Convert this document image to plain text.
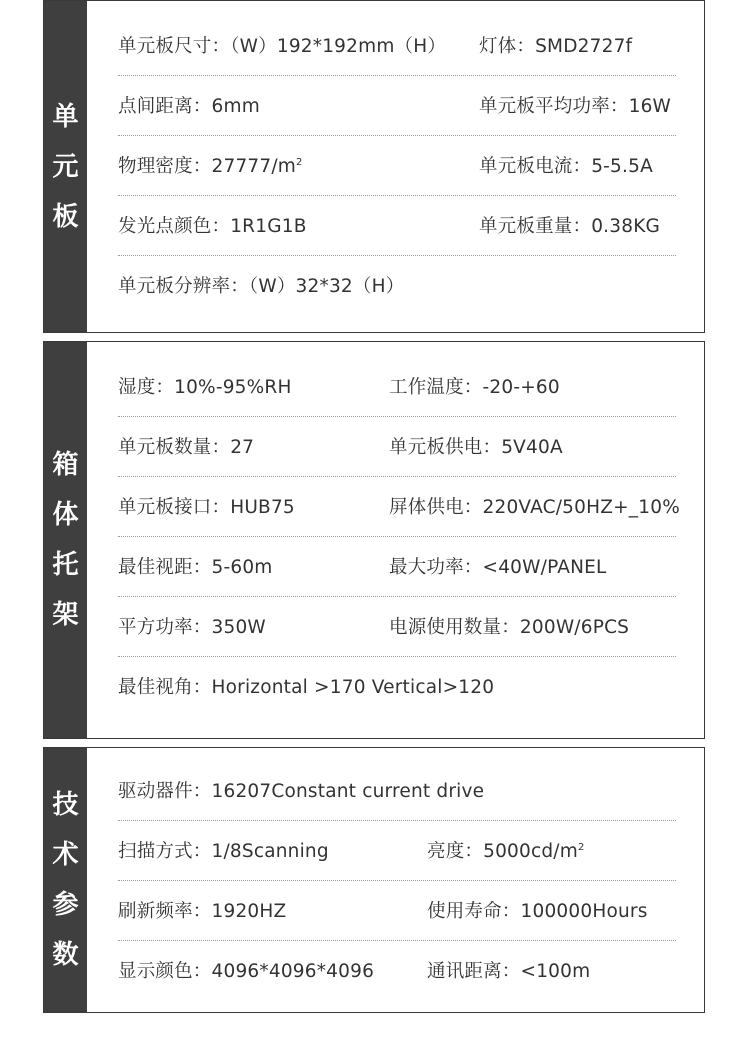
单
元
板
单元板尺寸：（W）192*192mm（H） 灯体：SMD2727f
点间距离：6mm	单元板平均功率：16W
物理密度：$27777/m^2$	单元板电流：5-5.5A
发光点颜色：1R1G1B	单元板重量：0.38KG
单元板分辨率：（W）32*32（H）
箱
体
托
架
湿度：10%-95%RH	工作温度：-20-+60
单元板数量：27	单元板供电：5V40A
单元板接口：HUB75	屏体供电：220VAC/50HZ+_10%
最佳视距：5-60m	最大功率：<40W/PANEL
平方功率：350W	电源使用数量：200W/6PCS
最佳视角：Horizontal >170 Vertical>120
技
术
参
数
驱动器件：16207Constant current drive
扫描方式：1/8Scanning	亮度：$5000cd/m^2$
刷新频率：1920HZ	使用寿命：100000Hours
显示颜色：4096*4096*4096	通讯距离：<100m
